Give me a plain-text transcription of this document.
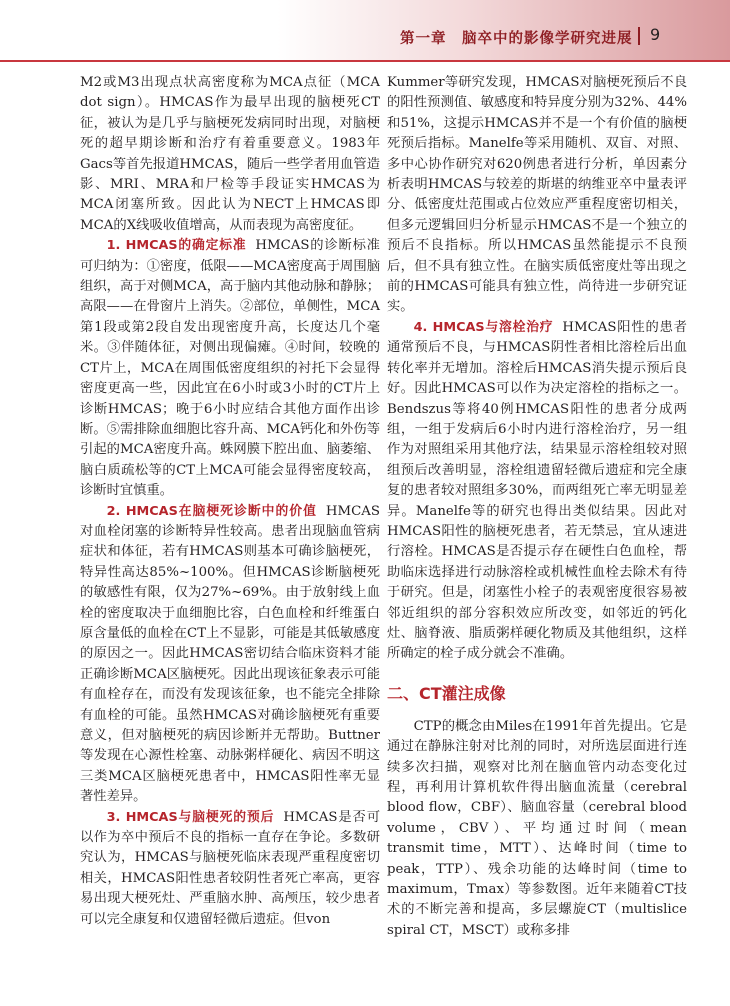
第一章　脑卒中的影像学研究进展 9

M2或M3出现点状高密度称为MCA点征（MCA dot sign）。HMCAS作为最早出现的脑梗死CT征，被认为是几乎与脑梗死发病同时出现，对脑梗死的超早期诊断和治疗有着重要意义。1983年Gacs等首先报道HMCAS，随后一些学者用血管造影、MRI、MRA和尸检等手段证实HMCAS为MCA闭塞所致。因此认为NECT上HMCAS即MCA的X线吸收值增高，从而表现为高密度征。

1. HMCAS的确定标准 HMCAS的诊断标准可归纳为：①密度，低限——MCA密度高于周围脑组织，高于对侧MCA，高于脑内其他动脉和静脉；高限——在骨窗片上消失。②部位，单侧性，MCA第1段或第2段自发出现密度升高，长度达几个毫米。③伴随体征，对侧出现偏瘫。④时间，较晚的CT片上，MCA在周围低密度组织的衬托下会显得密度更高一些，因此宜在6小时或3小时的CT片上诊断HMCAS；晚于6小时应结合其他方面作出诊断。⑤需排除血细胞比容升高、MCA钙化和外伤等引起的MCA密度升高。蛛网膜下腔出血、脑萎缩、脑白质疏松等的CT上MCA可能会显得密度较高，诊断时宜慎重。

2. HMCAS在脑梗死诊断中的价值 HMCAS对血栓闭塞的诊断特异性较高。患者出现脑血管病症状和体征，若有HMCAS则基本可确诊脑梗死，特异性高达85%~100%。但HMCAS诊断脑梗死的敏感性有限，仅为27%~69%。由于放射线上血栓的密度取决于血细胞比容，白色血栓和纤维蛋白原含量低的血栓在CT上不显影，可能是其低敏感度的原因之一。因此HMCAS密切结合临床资料才能正确诊断MCA区脑梗死。因此出现该征象表示可能有血栓存在，而没有发现该征象，也不能完全排除有血栓的可能。虽然HMCAS对确诊脑梗死有重要意义，但对脑梗死的病因诊断并无帮助。Buttner等发现在心源性栓塞、动脉粥样硬化、病因不明这三类MCA区脑梗死患者中，HMCAS阳性率无显著性差异。

3. HMCAS与脑梗死的预后 HMCAS是否可以作为卒中预后不良的指标一直存在争论。多数研究认为，HMCAS与脑梗死临床表现严重程度密切相关，HMCAS阳性患者较阴性者死亡率高，更容易出现大梗死灶、严重脑水肿、高颅压，较少患者可以完全康复和仅遗留轻微后遗症。但von

Kummer等研究发现，HMCAS对脑梗死预后不良的阳性预测值、敏感度和特异度分别为32%、44%和51%，这提示HMCAS并不是一个有价值的脑梗死预后指标。Manelfe等采用随机、双盲、对照、多中心协作研究对620例患者进行分析，单因素分析表明HMCAS与较差的斯堪的纳维亚卒中量表评分、低密度灶范围或占位效应严重程度密切相关，但多元逻辑回归分析显示HMCAS不是一个独立的预后不良指标。所以HMCAS虽然能提示不良预后，但不具有独立性。在脑实质低密度灶等出现之前的HMCAS可能具有独立性，尚待进一步研究证实。

4. HMCAS与溶栓治疗 HMCAS阳性的患者通常预后不良，与HMCAS阴性者相比溶栓后出血转化率并无增加。溶栓后HMCAS消失提示预后良好。因此HMCAS可以作为决定溶栓的指标之一。Bendszus等将40例HMCAS阳性的患者分成两组，一组于发病后6小时内进行溶栓治疗，另一组作为对照组采用其他疗法，结果显示溶栓组较对照组预后改善明显，溶栓组遗留轻微后遗症和完全康复的患者较对照组多30%，而两组死亡率无明显差异。Manelfe等的研究也得出类似结果。因此对HMCAS阳性的脑梗死患者，若无禁忌，宜从速进行溶栓。HMCAS是否提示存在硬性白色血栓，帮助临床选择进行动脉溶栓或机械性血栓去除术有待于研究。但是，闭塞性小栓子的表观密度很容易被邻近组织的部分容积效应所改变，如邻近的钙化灶、脑脊液、脂质粥样硬化物质及其他组织，这样所确定的栓子成分就会不准确。

二、CT灌注成像

CTP的概念由Miles在1991年首先提出。它是通过在静脉注射对比剂的同时，对所选层面进行连续多次扫描，观察对比剂在脑血管内动态变化过程，再利用计算机软件得出脑血流量（cerebral blood flow，CBF）、脑血容量（cerebral blood volume，CBV）、平均通过时间（mean transmit time，MTT）、达峰时间（time to peak，TTP）、残余功能的达峰时间（time to maximum，Tmax）等参数图。近年来随着CT技术的不断完善和提高，多层螺旋CT（multislice spiral CT，MSCT）或称多排
